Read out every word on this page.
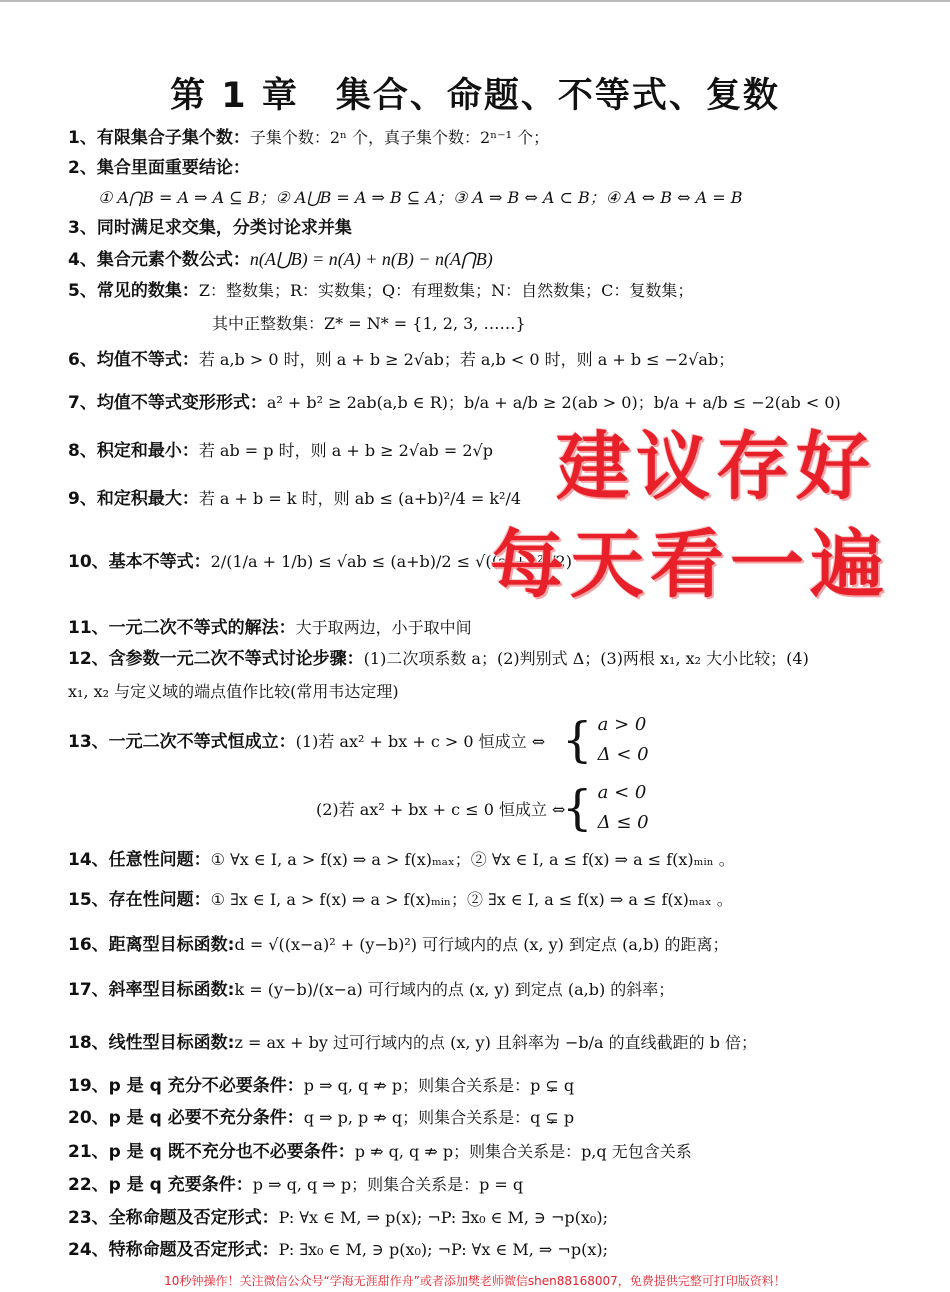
第 1 章　集合、命题、不等式、复数
1、有限集合子集个数：子集个数：2ⁿ 个，真子集个数：2ⁿ⁻¹ 个；
2、集合里面重要结论：
① A⋂B = A ⇒ A ⊆ B；② A⋃B = A ⇒ B ⊆ A；③ A ⇒ B ⇔ A ⊂ B；④ A ⇔ B ⇔ A = B
3、同时满足求交集，分类讨论求并集
4、集合元素个数公式：n(A⋃B) = n(A) + n(B) − n(A⋂B)
5、常见的数集：Z：整数集；R：实数集；Q：有理数集；N：自然数集；C：复数集；
其中正整数集：Z* = N* = {1, 2, 3, ……}
6、均值不等式：若 a,b > 0 时，则 a + b ≥ 2√ab；若 a,b < 0 时，则 a + b ≤ −2√ab；
7、均值不等式变形形式：a² + b² ≥ 2ab(a,b ∈ R)；b/a + a/b ≥ 2(ab > 0)；b/a + a/b ≤ −2(ab < 0)
8、积定和最小：若 ab = p 时，则 a + b ≥ 2√ab = 2√p
9、和定积最大：若 a + b = k 时，则 ab ≤ (a+b)²/4 = k²/4
10、基本不等式：2/(1/a + 1/b) ≤ √ab ≤ (a+b)/2 ≤ √((a²+b²)/2)
11、一元二次不等式的解法：大于取两边，小于取中间
12、含参数一元二次不等式讨论步骤：(1)二次项系数 a；(2)判别式 Δ；(3)两根 x₁, x₂ 大小比较；(4)
x₁, x₂ 与定义域的端点值作比较(常用韦达定理)
13、一元二次不等式恒成立：(1)若 ax² + bx + c > 0 恒成立 ⇔ { a > 0
Δ < 0
(2)若 ax² + bx + c ≤ 0 恒成立 ⇔
{ a < 0
Δ ≤ 0
14、任意性问题：① ∀x ∈ I, a > f(x) ⇒ a > f(x)ₘₐₓ；② ∀x ∈ I, a ≤ f(x) ⇒ a ≤ f(x)ₘᵢₙ 。
15、存在性问题：① ∃x ∈ I, a > f(x) ⇒ a > f(x)ₘᵢₙ；② ∃x ∈ I, a ≤ f(x) ⇒ a ≤ f(x)ₘₐₓ 。
16、距离型目标函数:d = √((x−a)² + (y−b)²) 可行域内的点 (x, y) 到定点 (a,b) 的距离；
17、斜率型目标函数:k = (y−b)/(x−a) 可行域内的点 (x, y) 到定点 (a,b) 的斜率；
18、线性型目标函数:z = ax + by 过可行域内的点 (x, y) 且斜率为 −b/a 的直线截距的 b 倍；
19、p 是 q 充分不必要条件：p ⇒ q, q ⇏ p；则集合关系是：p ⊊ q
20、p 是 q 必要不充分条件：q ⇒ p, p ⇏ q；则集合关系是：q ⊊ p
21、p 是 q 既不充分也不必要条件：p ⇏ q, q ⇏ p；则集合关系是：p,q 无包含关系
22、p 是 q 充要条件：p ⇒ q, q ⇒ p；则集合关系是：p = q
23、全称命题及否定形式：P: ∀x ∈ M, ⇒ p(x); ¬P: ∃x₀ ∈ M, ∋ ¬p(x₀);
24、特称命题及否定形式：P: ∃x₀ ∈ M, ∋ p(x₀); ¬P: ∀x ∈ M, ⇒ ¬p(x);
建议存好
每天看一遍
10秒钟操作！关注微信公众号“学海无涯甜作舟”或者添加樊老师微信shen88168007，免费提供完整可打印版资料！
